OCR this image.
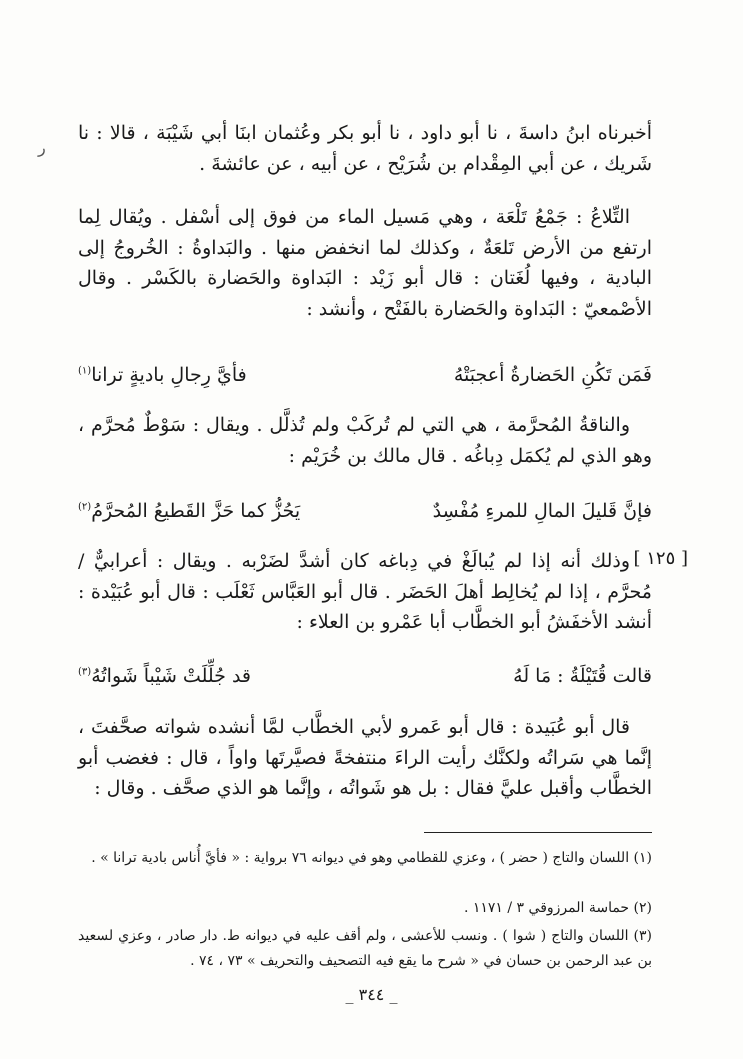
ﺭ

أخبرناه ابنُ داسةَ ، نا أبو داود ، نا أبو بكر وعُثمان ابنَا أبي شَيْبَة ، قالا : نا شَريك ، عن أبي المِقْدام بن شُرَيْح ، عن أبيه ، عن عائشةَ .

التِّلاعُ : جَمْعُ تَلْعَة ، وهي مَسيل الماء من فوق إلى أسْفل . ويُقال لِما ارتفع من الأرض تَلعَةٌ ، وكذلك لما انخفض منها . والبَداوةُ : الخُروجُ إلى البادية ، وفيها لُغَتان : قال أبو زَيْد : البَداوة والحَضارة بالكَسْر . وقال الأصْمعيّ : البَداوة والحَضارة بالفَتْح ، وأنشد :

فَمَن تَكُنِ الحَضارةُ أعجبَتْهُ
فأيَّ رِجالِ باديةٍ ترانا$^{(١)}$

والناقةُ المُحرَّمة ، هي التي لم تُركَبْ ولم تُذلَّل . ويقال : سَوْطٌ مُحرَّم ، وهو الذي لم يُكمَل دِباغُه . قال مالك بن خُرَيْم :

فإنَّ قَليلَ المالِ للمرءِ مُفْسِدٌ
يَحُزُّ كما حَزَّ القَطيعُ المُحرَّمُ$^{(٢)}$
[ ١٢٥ ]

وذلك أنه إذا لم يُبالَغْ في دِباغه كان أشدَّ لضَرْبه . ويقال : أعرابيٌّ / مُحرَّم ، إذا لم يُخالِط أهلَ الحَضَر . قال أبو العَبَّاس ثَعْلَب : قال أبو عُبَيْدة : أنشد الأخفَشُ أبو الخطَّاب أبا عَمْرو بن العلاء :

قالت قُتَيْلَةُ : مَا لَهُ
قد جُلِّلَتْ شَيْباً شَواتُهُ$^{(٣)}$

قال أبو عُبَيدة : قال أبو عَمرو لأبي الخطَّاب لمَّا أنشده شواته صحَّفتَ ، إنَّما هي سَراتُه ولكنَّك رأيت الراءَ منتفخةً فصيَّرتَها واواً ، قال : فغضب أبو الخطَّاب وأقبل عليَّ فقال : بل هو شَواتُه ، وإنَّما هو الذي صحَّف . وقال :

(١) اللسان والتاج ( حضر ) ، وعزي للقطامي وهو في ديوانه ٧٦ برواية : « فأيَّ أُناس بادية ترانا » .

(٢) حماسة المرزوقي ٣ / ١١٧١ .

(٣) اللسان والتاج ( شوا ) . ونسب للأعشى ، ولم أقف عليه في ديوانه ط. دار صادر ، وعزي لسعيد بن عبد الرحمن بن حسان في « شرح ما يقع فيه التصحيف والتحريف » ٧٣ ، ٧٤ .

_ ٣٤٤ _
